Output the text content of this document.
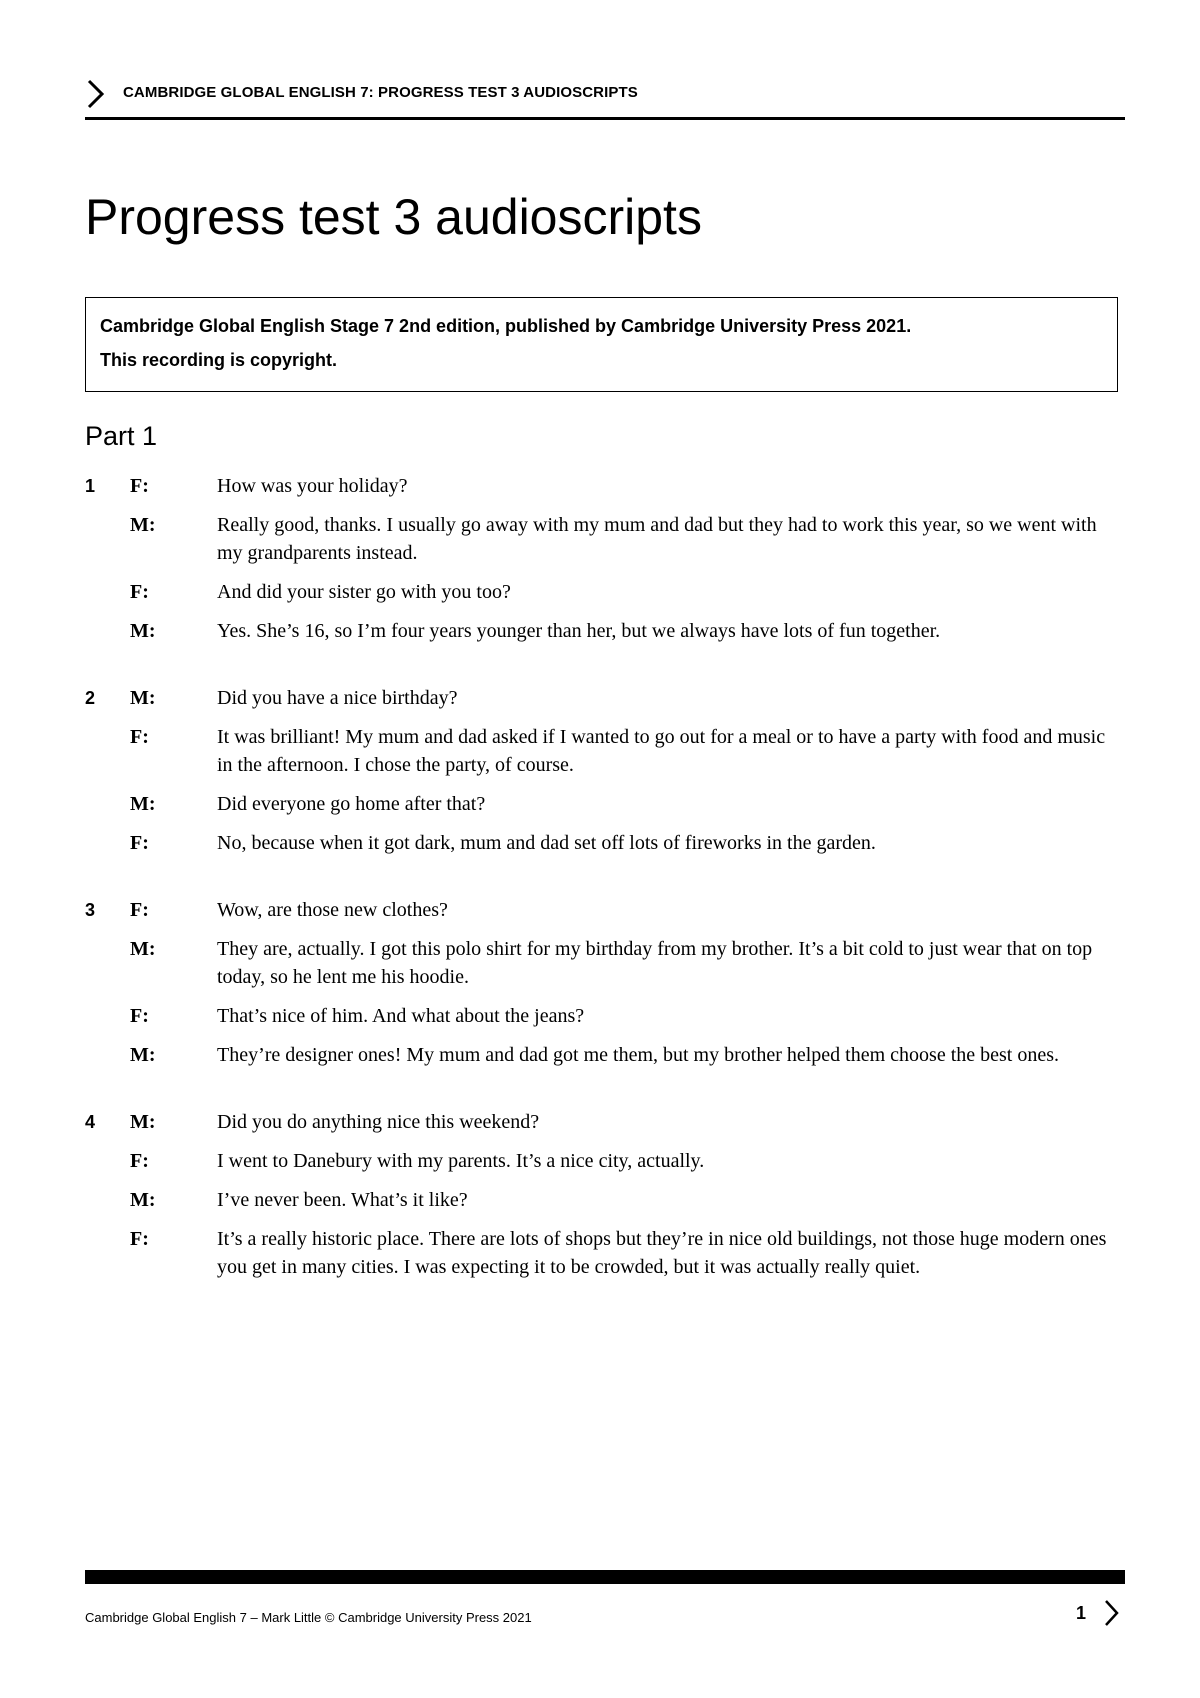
CAMBRIDGE GLOBAL ENGLISH 7: PROGRESS TEST 3 AUDIOSCRIPTS
Progress test 3 audioscripts
Cambridge Global English Stage 7 2nd edition, published by Cambridge University Press 2021.
This recording is copyright.
Part 1
1	F:	How was your holiday?
M:	Really good, thanks. I usually go away with my mum and dad but they had to work this year, so we went with my grandparents instead.
F:	And did your sister go with you too?
M:	Yes. She’s 16, so I’m four years younger than her, but we always have lots of fun together.
2	M:	Did you have a nice birthday?
F:	It was brilliant! My mum and dad asked if I wanted to go out for a meal or to have a party with food and music in the afternoon. I chose the party, of course.
M:	Did everyone go home after that?
F:	No, because when it got dark, mum and dad set off lots of fireworks in the garden.
3	F:	Wow, are those new clothes?
M:	They are, actually. I got this polo shirt for my birthday from my brother. It’s a bit cold to just wear that on top today, so he lent me his hoodie.
F:	That’s nice of him. And what about the jeans?
M:	They’re designer ones! My mum and dad got me them, but my brother helped them choose the best ones.
4	M:	Did you do anything nice this weekend?
F:	I went to Danebury with my parents. It’s a nice city, actually.
M:	I’ve never been. What’s it like?
F:	It’s a really historic place. There are lots of shops but they’re in nice old buildings, not those huge modern ones you get in many cities. I was expecting it to be crowded, but it was actually really quiet.
Cambridge Global English 7 – Mark Little © Cambridge University Press 2021	1
